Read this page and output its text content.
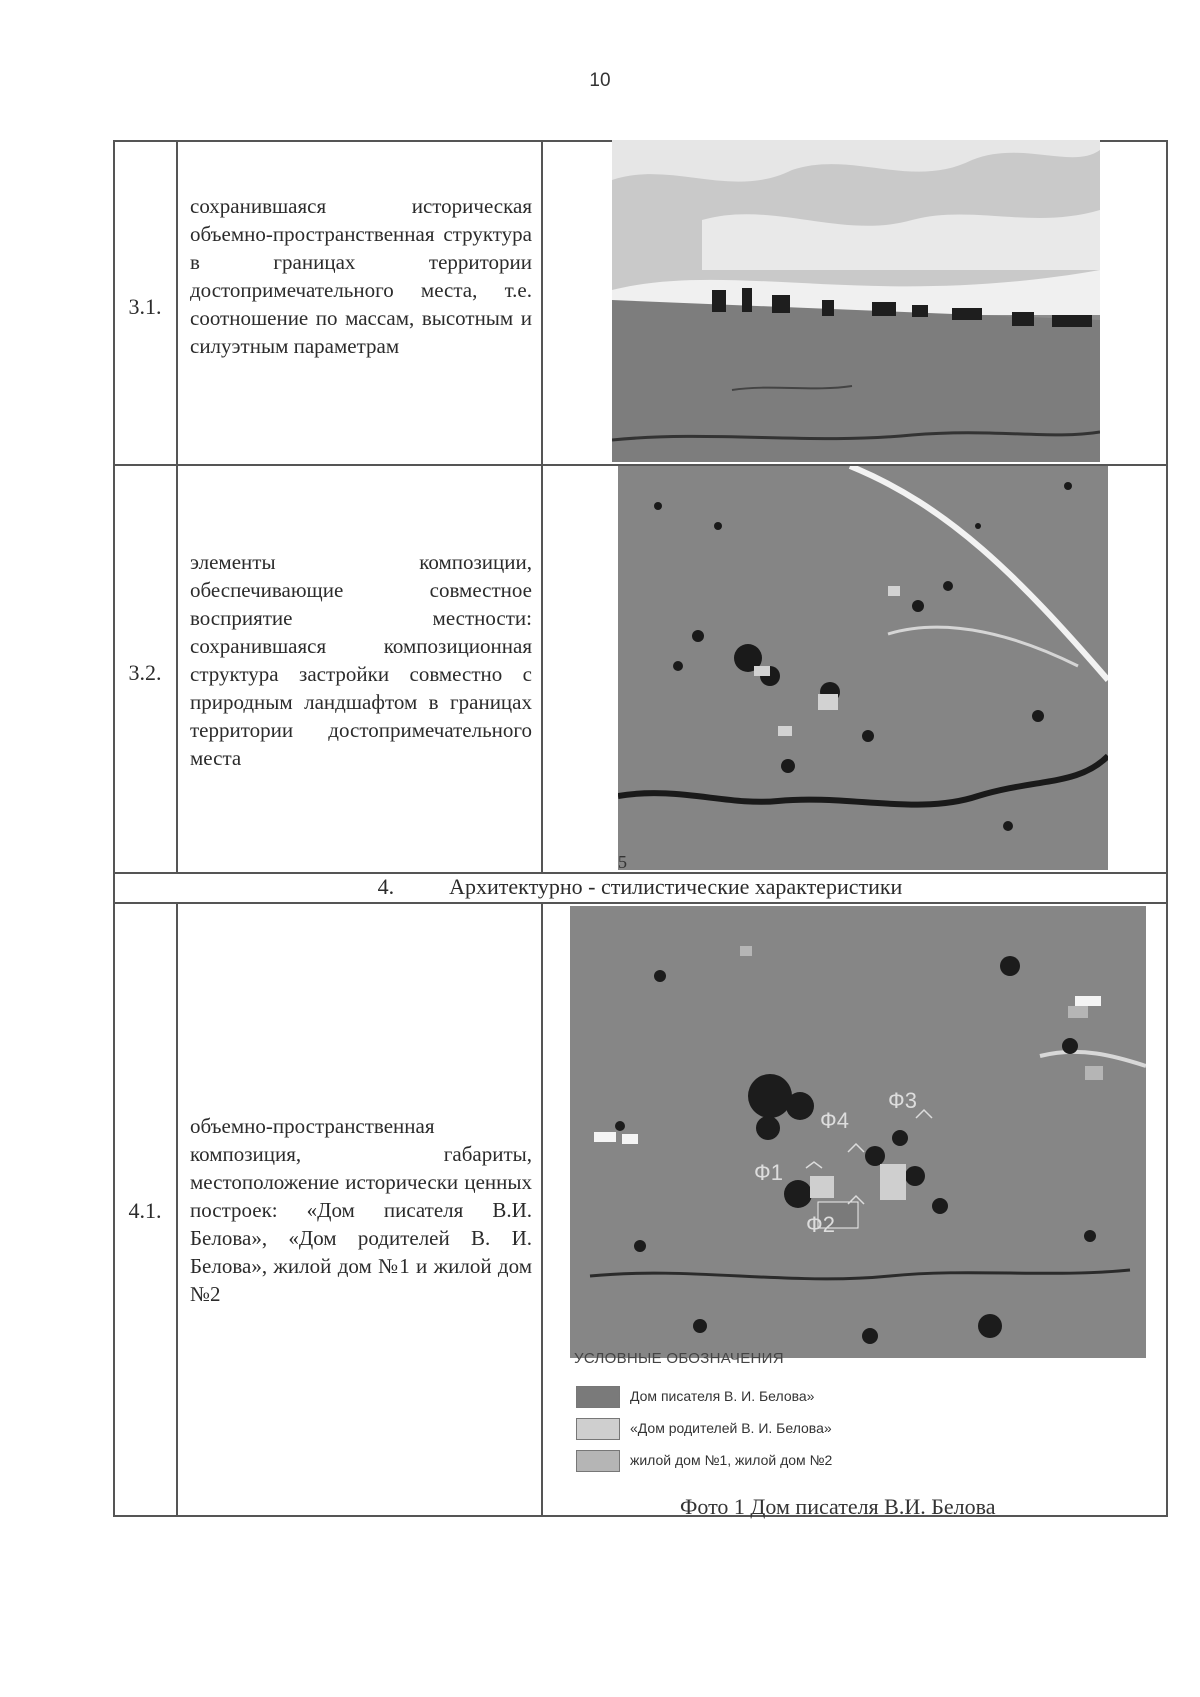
10
3.1.
сохранившаяся историческая объемно-пространственная структура в границах территории достопримечательного места, т.е. соотношение по массам, высотным и силуэтным параметрам
3.2.
элементы композиции, обеспечивающие совместное восприятие местности: сохранившаяся композиционная структура застройки совместно с природным ландшафтом в границах территории достопримечательного места
4.	Архитектурно - стилистические характеристики
4.1.
объемно-пространственная композиция, габариты, местоположение исторически ценных построек: «Дом писателя В.И. Белова», «Дом родителей В. И. Белова», жилой дом №1 и жилой дом №2
5
Ф1
Ф2
Ф3
Ф4
УСЛОВНЫЕ ОБОЗНАЧЕНИЯ
Дом писателя В. И. Белова»
«Дом родителей В. И. Белова»
жилой дом №1, жилой дом №2
Фото 1 Дом писателя В.И. Белова
